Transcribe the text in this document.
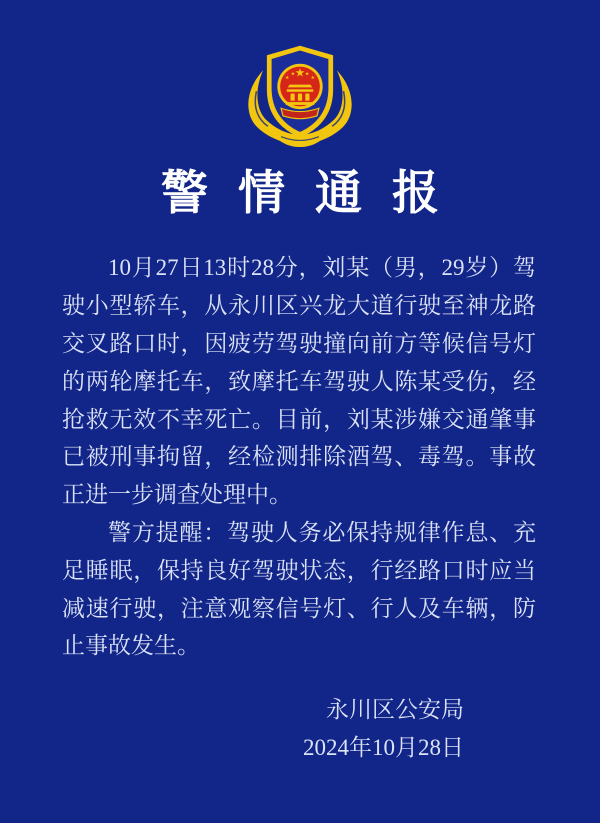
警情通报

10月27日13时28分，刘某（男，29岁）驾驶小型轿车，从永川区兴龙大道行驶至神龙路交叉路口时，因疲劳驾驶撞向前方等候信号灯的两轮摩托车，致摩托车驾驶人陈某受伤，经抢救无效不幸死亡。目前，刘某涉嫌交通肇事已被刑事拘留，经检测排除酒驾、毒驾。事故正进一步调查处理中。

警方提醒：驾驶人务必保持规律作息、充足睡眠，保持良好驾驶状态，行经路口时应当减速行驶，注意观察信号灯、行人及车辆，防止事故发生。

永川区公安局

2024年10月28日
